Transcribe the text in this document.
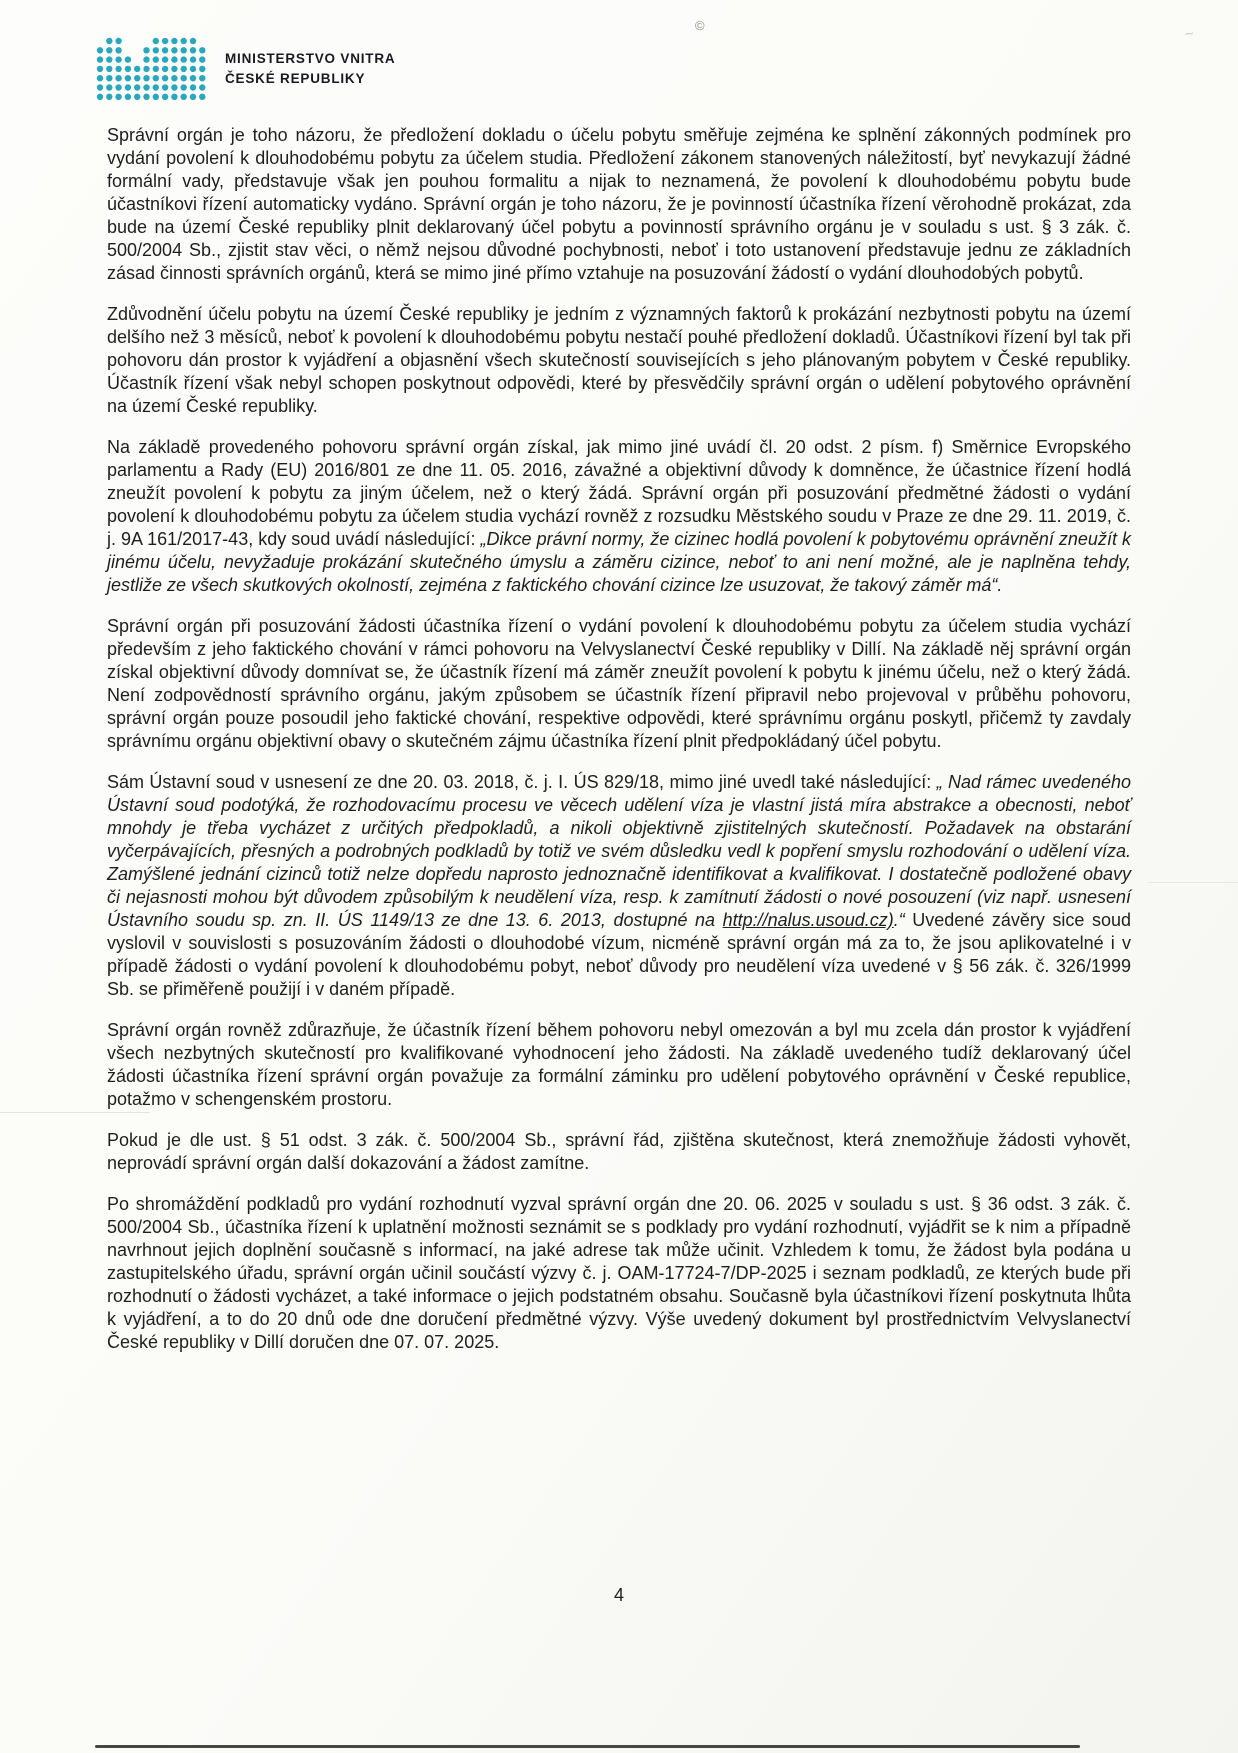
MINISTERSTVO VNITRA
ČESKÉ REPUBLIKY
©	~

Správní orgán je toho názoru, že předložení dokladu o účelu pobytu směřuje zejména ke splnění zákonných podmínek pro vydání povolení k dlouhodobému pobytu za účelem studia. Předložení zákonem stanovených náležitostí, byť nevykazují žádné formální vady, představuje však jen pouhou formalitu a nijak to neznamená, že povolení k dlouhodobému pobytu bude účastníkovi řízení automaticky vydáno. Správní orgán je toho názoru, že je povinností účastníka řízení věrohodně prokázat, zda bude na území České republiky plnit deklarovaný účel pobytu a povinností správního orgánu je v souladu s ust. § 3 zák. č. 500/2004 Sb., zjistit stav věci, o němž nejsou důvodné pochybnosti, neboť i toto ustanovení představuje jednu ze základních zásad činnosti správních orgánů, která se mimo jiné přímo vztahuje na posuzování žádostí o vydání dlouhodobých pobytů.

Zdůvodnění účelu pobytu na území České republiky je jedním z významných faktorů k prokázání nezbytnosti pobytu na území delšího než 3 měsíců, neboť k povolení k dlouhodobému pobytu nestačí pouhé předložení dokladů. Účastníkovi řízení byl tak při pohovoru dán prostor k vyjádření a objasnění všech skutečností souvisejících s jeho plánovaným pobytem v České republiky. Účastník řízení však nebyl schopen poskytnout odpovědi, které by přesvědčily správní orgán o udělení pobytového oprávnění na území České republiky.

Na základě provedeného pohovoru správní orgán získal, jak mimo jiné uvádí čl. 20 odst. 2 písm. f) Směrnice Evropského parlamentu a Rady (EU) 2016/801 ze dne 11. 05. 2016, závažné a objektivní důvody k domněnce, že účastnice řízení hodlá zneužít povolení k pobytu za jiným účelem, než o který žádá. Správní orgán při posuzování předmětné žádosti o vydání povolení k dlouhodobému pobytu za účelem studia vychází rovněž z rozsudku Městského soudu v Praze ze dne 29. 11. 2019, č. j. 9A 161/2017-43, kdy soud uvádí následující: „Dikce právní normy, že cizinec hodlá povolení k pobytovému oprávnění zneužít k jinému účelu, nevyžaduje prokázání skutečného úmyslu a záměru cizince, neboť to ani není možné, ale je naplněna tehdy, jestliže ze všech skutkových okolností, zejména z faktického chování cizince lze usuzovat, že takový záměr má“.

Správní orgán při posuzování žádosti účastníka řízení o vydání povolení k dlouhodobému pobytu za účelem studia vychází především z jeho faktického chování v rámci pohovoru na Velvyslanectví České republiky v Dillí. Na základě něj správní orgán získal objektivní důvody domnívat se, že účastník řízení má záměr zneužít povolení k pobytu k jinému účelu, než o který žádá. Není zodpovědností správního orgánu, jakým způsobem se účastník řízení připravil nebo projevoval v průběhu pohovoru, správní orgán pouze posoudil jeho faktické chování, respektive odpovědi, které správnímu orgánu poskytl, přičemž ty zavdaly správnímu orgánu objektivní obavy o skutečném zájmu účastníka řízení plnit předpokládaný účel pobytu.

Sám Ústavní soud v usnesení ze dne 20. 03. 2018, č. j. I. ÚS 829/18, mimo jiné uvedl také následující: „ Nad rámec uvedeného Ústavní soud podotýká, že rozhodovacímu procesu ve věcech udělení víza je vlastní jistá míra abstrakce a obecnosti, neboť mnohdy je třeba vycházet z určitých předpokladů, a nikoli objektivně zjistitelných skutečností. Požadavek na obstarání vyčerpávajících, přesných a podrobných podkladů by totiž ve svém důsledku vedl k popření smyslu rozhodování o udělení víza. Zamýšlené jednání cizinců totiž nelze dopředu naprosto jednoznačně identifikovat a kvalifikovat. I dostatečně podložené obavy či nejasnosti mohou být důvodem způsobilým k neudělení víza, resp. k zamítnutí žádosti o nové posouzení (viz např. usnesení Ústavního soudu sp. zn. II. ÚS 1149/13 ze dne 13. 6. 2013, dostupné na http://nalus.usoud.cz).“ Uvedené závěry sice soud vyslovil v souvislosti s posuzováním žádosti o dlouhodobé vízum, nicméně správní orgán má za to, že jsou aplikovatelné i v případě žádosti o vydání povolení k dlouhodobému pobyt, neboť důvody pro neudělení víza uvedené v § 56 zák. č. 326/1999 Sb. se přiměřeně použijí i v daném případě.

Správní orgán rovněž zdůrazňuje, že účastník řízení během pohovoru nebyl omezován a byl mu zcela dán prostor k vyjádření všech nezbytných skutečností pro kvalifikované vyhodnocení jeho žádosti. Na základě uvedeného tudíž deklarovaný účel žádosti účastníka řízení správní orgán považuje za formální záminku pro udělení pobytového oprávnění v České republice, potažmo v schengenském prostoru.

Pokud je dle ust. § 51 odst. 3 zák. č. 500/2004 Sb., správní řád, zjištěna skutečnost, která znemožňuje žádosti vyhovět, neprovádí správní orgán další dokazování a žádost zamítne.

Po shromáždění podkladů pro vydání rozhodnutí vyzval správní orgán dne 20. 06. 2025 v souladu s ust. § 36 odst. 3 zák. č. 500/2004 Sb., účastníka řízení k uplatnění možnosti seznámit se s podklady pro vydání rozhodnutí, vyjádřit se k nim a případně navrhnout jejich doplnění současně s informací, na jaké adrese tak může učinit. Vzhledem k tomu, že žádost byla podána u zastupitelského úřadu, správní orgán učinil součástí výzvy č. j. OAM-17724-7/DP-2025 i seznam podkladů, ze kterých bude při rozhodnutí o žádosti vycházet, a také informace o jejich podstatném obsahu. Současně byla účastníkovi řízení poskytnuta lhůta k vyjádření, a to do 20 dnů ode dne doručení předmětné výzvy. Výše uvedený dokument byl prostřednictvím Velvyslanectví České republiky v Dillí doručen dne 07. 07. 2025.

4
